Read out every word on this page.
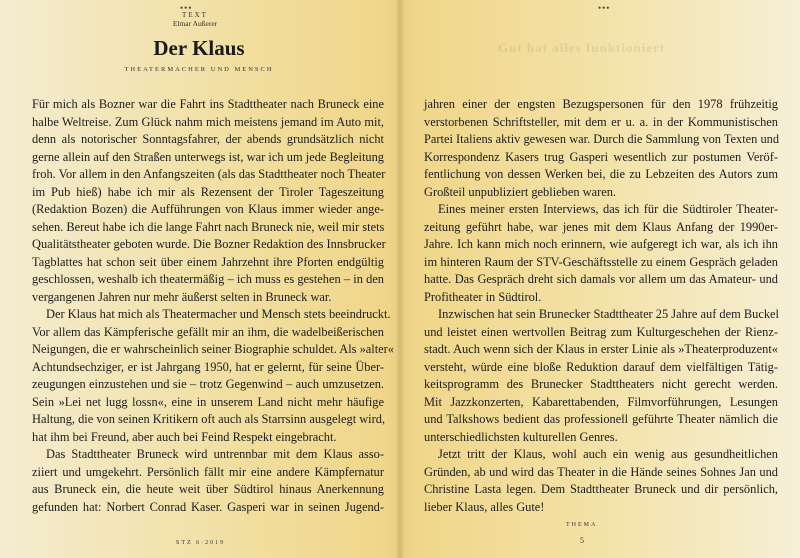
•••
TEXT
Elmar Außerer
Der Klaus
THEATERMACHER UND MENSCH
Für mich als Bozner war die Fahrt ins Stadttheater nach Bruneck eine
halbe Weltreise. Zum Glück nahm mich meistens jemand im Auto mit,
denn als notorischer Sonntagsfahrer, der abends grundsätzlich nicht
gerne allein auf den Straßen unterwegs ist, war ich um jede Begleitung
froh. Vor allem in den Anfangszeiten (als das Stadttheater noch Theater
im Pub hieß) habe ich mir als Rezensent der Tiroler Tageszeitung
(Redaktion Bozen) die Aufführungen von Klaus immer wieder ange-
sehen. Bereut habe ich die lange Fahrt nach Bruneck nie, weil mir stets
Qualitätstheater geboten wurde. Die Bozner Redaktion des Innsbrucker
Tagblattes hat schon seit über einem Jahrzehnt ihre Pforten endgültig
geschlossen, weshalb ich theatermäßig – ich muss es gestehen – in den
vergangenen Jahren nur mehr äußerst selten in Bruneck war.
Der Klaus hat mich als Theatermacher und Mensch stets beeindruckt.
Vor allem das Kämpferische gefällt mir an ihm, die wadelbeißerischen
Neigungen, die er wahrscheinlich seiner Biographie schuldet. Als »alter«
Achtundsechziger, er ist Jahrgang 1950, hat er gelernt, für seine Über-
zeugungen einzustehen und sie – trotz Gegenwind – auch umzusetzen.
Sein »Lei net lugg lossn«, eine in unserem Land nicht mehr häufige
Haltung, die von seinen Kritikern oft auch als Starrsinn ausgelegt wird,
hat ihm bei Freund, aber auch bei Feind Respekt eingebracht.
Das Stadttheater Bruneck wird untrennbar mit dem Klaus asso-
ziiert und umgekehrt. Persönlich fällt mir eine andere Kämpfernatur
aus Bruneck ein, die heute weit über Südtirol hinaus Anerkennung
gefunden hat: Norbert Conrad Kaser. Gasperi war in seinen Jugend-
STZ 6·2019
•••
Gut hat alles funktioniert
jahren einer der engsten Bezugspersonen für den 1978 frühzeitig
verstorbenen Schriftsteller, mit dem er u. a. in der Kommunistischen
Partei Italiens aktiv gewesen war. Durch die Sammlung von Texten und
Korrespondenz Kasers trug Gasperi wesentlich zur postumen Veröf-
fentlichung von dessen Werken bei, die zu Lebzeiten des Autors zum
Großteil unpubliziert geblieben waren.
Eines meiner ersten Interviews, das ich für die Südtiroler Theater-
zeitung geführt habe, war jenes mit dem Klaus Anfang der 1990er-
Jahre. Ich kann mich noch erinnern, wie aufgeregt ich war, als ich ihn
im hinteren Raum der STV-Geschäftsstelle zu einem Gespräch geladen
hatte. Das Gespräch dreht sich damals vor allem um das Amateur- und
Profitheater in Südtirol.
Inzwischen hat sein Brunecker Stadttheater 25 Jahre auf dem Buckel
und leistet einen wertvollen Beitrag zum Kulturgeschehen der Rienz-
stadt. Auch wenn sich der Klaus in erster Linie als »Theaterproduzent«
versteht, würde eine bloße Reduktion darauf dem vielfältigen Tätig-
keitsprogramm des Brunecker Stadttheaters nicht gerecht werden.
Mit Jazzkonzerten, Kabarettabenden, Filmvorführungen, Lesungen
und Talkshows bedient das professionell geführte Theater nämlich die
unterschiedlichsten kulturellen Genres.
Jetzt tritt der Klaus, wohl auch ein wenig aus gesundheitlichen
Gründen, ab und wird das Theater in die Hände seines Sohnes Jan und
Christine Lasta legen. Dem Stadttheater Bruneck und dir persönlich,
lieber Klaus, alles Gute!
THEMA
5
